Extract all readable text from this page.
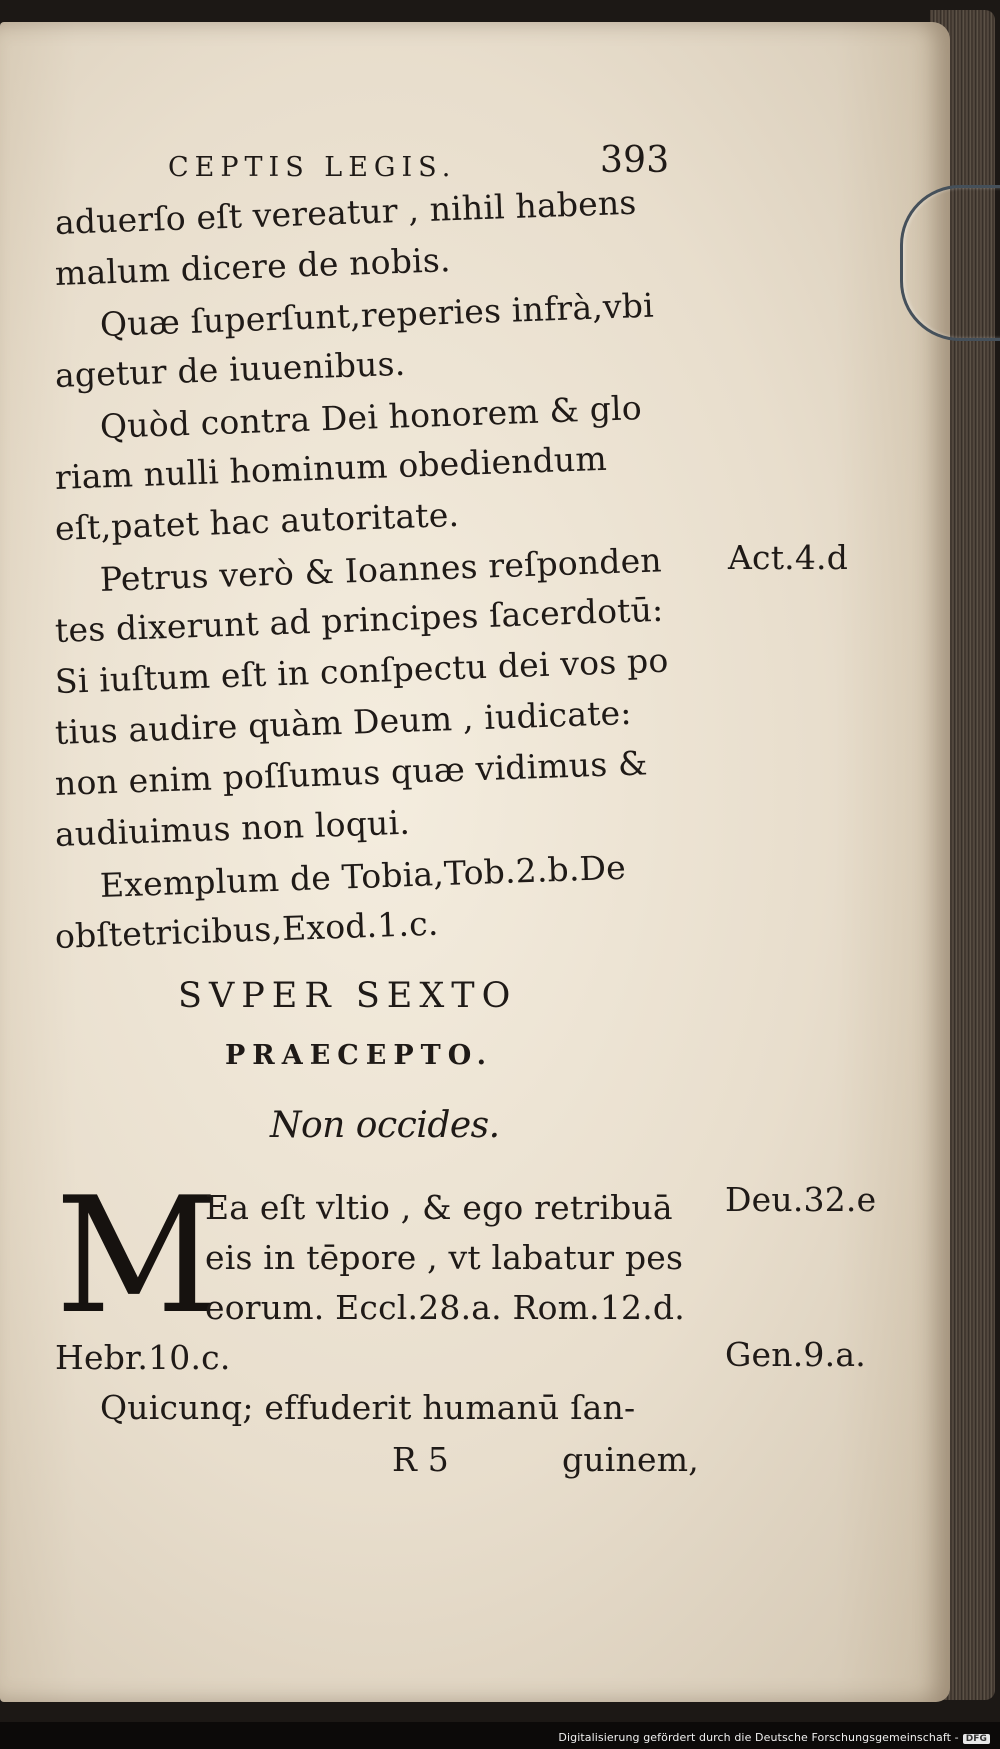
CEPTIS LEGIS.	393
aduerſo eſt vereatur , nihil habens
malum dicere de nobis.
Quæ ſuperſunt,reperies infrà,vbi
agetur de iuuenibus.
Quòd contra Dei honorem & glo
riam nulli hominum obediendum
eſt,patet hac autoritate.
Petrus verò & Ioannes reſponden
tes dixerunt ad principes ſacerdotū:
Si iuſtum eſt in conſpectu dei vos po
tius audire quàm Deum , iudicate:
non enim poſſumus quæ vidimus &
audiuimus non loqui.
Exemplum de Tobia,Tob.2.b.De
obſtetricibus,Exod.1.c.
Act.4.d
SVPER SEXTO
PRAECEPTO.
Non occides.
M
Ea eſt vltio , & ego retribuā
eis in tēpore , vt labatur pes
eorum. Eccl.28.a. Rom.12.d.
Deu.32.e
Hebr.10.c.	Gen.9.a.
Quicunq; effuderit humanū ſan-
R 5	guinem,
Digitalisierung gefördert durch die Deutsche Forschungsgemeinschaft - DFG
